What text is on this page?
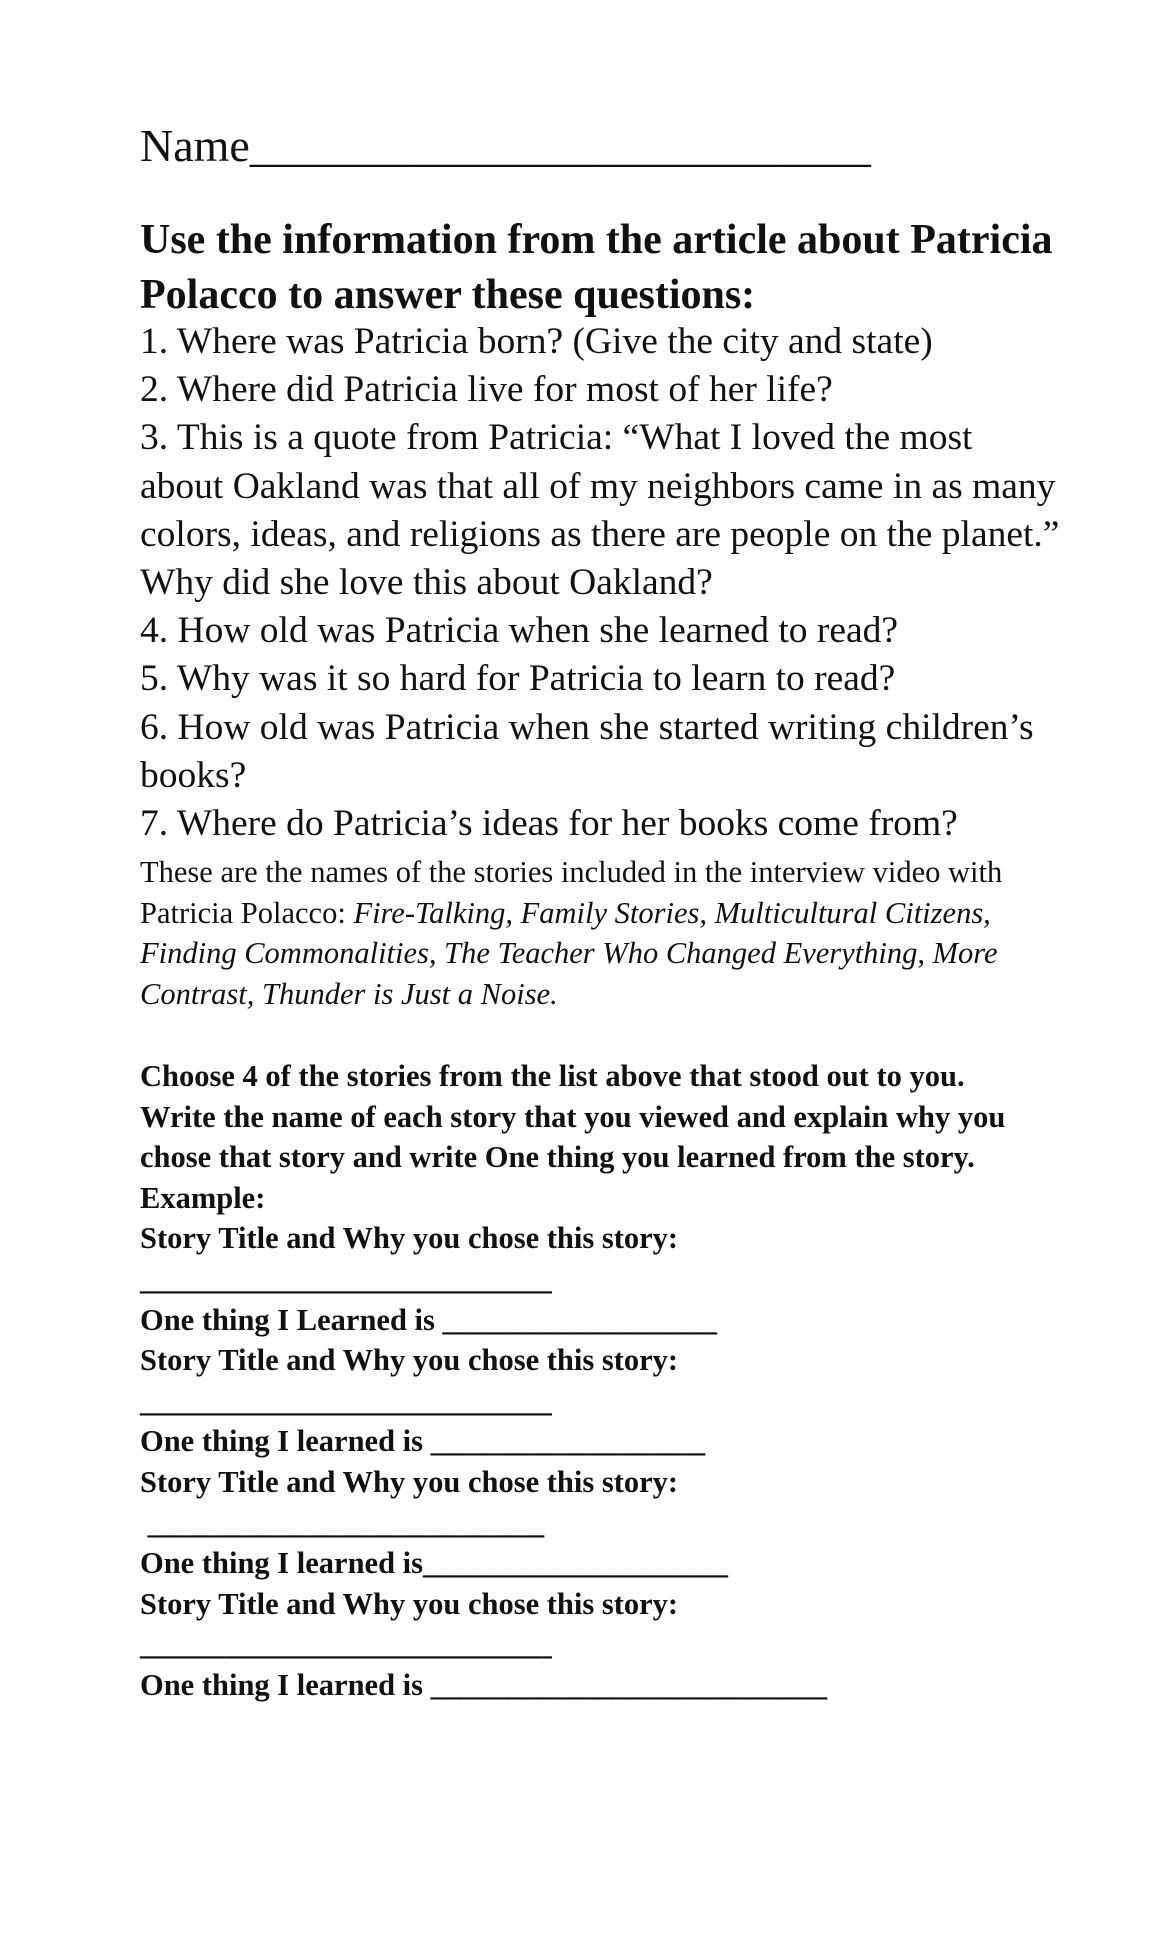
Name___________________________
Use the information from the article about Patricia Polacco to answer these questions:
1. Where was Patricia born? (Give the city and state)
2. Where did Patricia live for most of her life?
3. This is a quote from Patricia: “What I loved the most about Oakland was that all of my neighbors came in as many colors, ideas, and religions as there are people on the planet.” Why did she love this about Oakland?
4. How old was Patricia when she learned to read?
5. Why was it so hard for Patricia to learn to read?
6. How old was Patricia when she started writing children’s books?
7. Where do Patricia’s ideas for her books come from?
These are the names of the stories included in the interview video with Patricia Polacco: Fire-Talking, Family Stories, Multicultural Citizens, Finding Commonalities, The Teacher Who Changed Everything, More Contrast, Thunder is Just a Noise.
Choose 4 of the stories from the list above that stood out to you. Write the name of each story that you viewed and explain why you chose that story and write One thing you learned from the story.
Example:
Story Title and Why you chose this story:
___________________________
One thing I Learned is __________________
Story Title and Why you chose this story:
___________________________
One thing I learned is __________________
Story Title and Why you chose this story:
__________________________
One thing I learned is____________________
Story Title and Why you chose this story:
___________________________
One thing I learned is __________________________
